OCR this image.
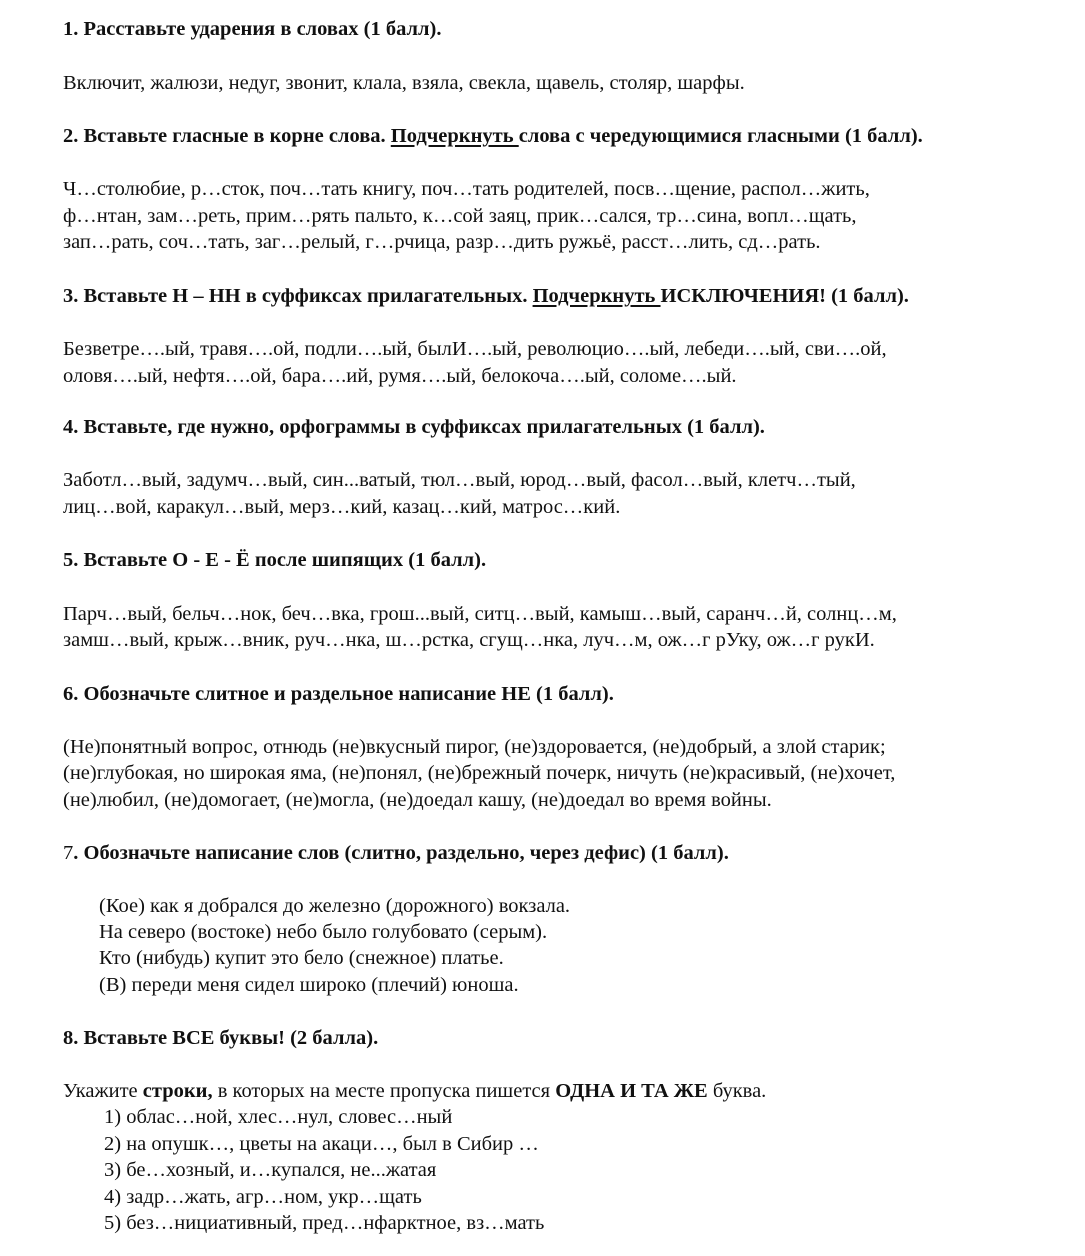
1. Расставьте ударения в словах (1 балл).
Включит, жалюзи, недуг, звонит, клала, взяла, свекла, щавель, столяр, шарфы.
2. Вставьте гласные в корне слова. Подчеркнуть слова с чередующимися гласными (1 балл).
Ч…столюбие, р…сток, поч…тать книгу, поч…тать родителей, посв…щение, распол…жить,
ф…нтан, зам…реть, прим…рять пальто, к…сой заяц, прик…сался, тр…сина, вопл…щать,
зап…рать, соч…тать, заг…релый, г…рчица, разр…дить ружьё, расст…лить, сд…рать.
3. Вставьте Н – НН в суффиксах прилагательных. Подчеркнуть ИСКЛЮЧЕНИЯ! (1 балл).
Безветре….ый, травя….ой, подли….ый, былИ….ый, революцио….ый, лебеди….ый, сви….ой,
оловя….ый, нефтя….ой, бара….ий, румя….ый, белокоча….ый, соломе….ый.
4. Вставьте, где нужно, орфограммы в суффиксах прилагательных (1 балл).
Заботл…вый, задумч…вый, син...ватый, тюл…вый, юрод…вый, фасол…вый, клетч…тый,
лиц…вой, каракул…вый, мерз…кий, казац…кий, матрос…кий.
5. Вставьте О - Е - Ё после шипящих (1 балл).
Парч…вый, бельч…нок, беч…вка, грош...вый, ситц…вый, камыш…вый, саранч…й, солнц…м,
замш…вый, крыж…вник, руч…нка, ш…рстка, сгущ…нка, луч…м, ож…г рУку, ож…г рукИ.
6. Обозначьте слитное и раздельное написание НЕ (1 балл).
(Не)понятный вопрос, отнюдь (не)вкусный пирог, (не)здоровается, (не)добрый, а злой старик;
(не)глубокая, но широкая яма, (не)понял, (не)брежный почерк, ничуть (не)красивый, (не)хочет,
(не)любил, (не)домогает, (не)могла, (не)доедал кашу, (не)доедал во время войны.
7. Обозначьте написание слов (слитно, раздельно, через дефис) (1 балл).
(Кое) как я добрался до железно (дорожного) вокзала.
На северо (востоке) небо было голубовато (серым).
Кто (нибудь) купит это бело (снежное) платье.
(В) переди меня сидел широко (плечий) юноша.
8. Вставьте ВСЕ буквы! (2 балла).
Укажите строки, в которых на месте пропуска пишется ОДНА И ТА ЖЕ буква.
1) облас…ной, хлес…нул, словес…ный
2) на опушк…, цветы на акаци…, был в Сибир …
3) бе…хозный, и…купался, не...жатая
4) задр…жать, агр…ном, укр…щать
5) без…нициативный, пред…нфарктное, вз…мать
